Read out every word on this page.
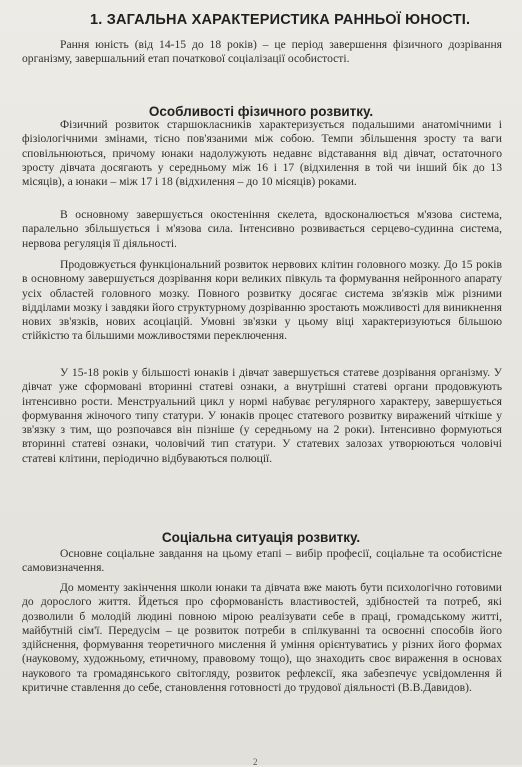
1. ЗАГАЛЬНА ХАРАКТЕРИСТИКА РАННЬОЇ ЮНОСТІ.
Рання юність (від 14-15 до 18 років) – це період завершення фізичного дозрівання організму, завершальний етап початкової соціалізації особистості.
Особливості фізичного розвитку.
Фізичний розвиток старшокласників характеризується подальшими анатомічними і фізіологічними змінами, тісно пов'язаними між собою. Темпи збільшення зросту та ваги сповільнюються, причому юнаки надолужують недавнє відставання від дівчат, остаточного зросту дівчата досягають у середньому між 16 і 17 (відхилення в той чи інший бік до 13 місяців), а юнаки – між 17 і 18 (відхилення – до 10 місяців) роками.
В основному завершується окостеніння скелета, вдосконалюється м'язова система, паралельно збільшується і м'язова сила. Інтенсивно розвивається серцево-судинна система, нервова регуляція її діяльності.
Продовжується функціональний розвиток нервових клітин головного мозку. До 15 років в основному завершується дозрівання кори великих півкуль та формування нейронного апарату усіх областей головного мозку. Повного розвитку досягає система зв'язків між різними відділами мозку і завдяки його структурному дозріванню зростають можливості для виникнення нових зв'язків, нових асоціацій. Умовні зв'язки у цьому віці характеризуються більшою стійкістю та більшими можливостями переключення.
У 15-18 років у більшості юнаків і дівчат завершується статеве дозрівання організму. У дівчат уже сформовані вторинні статеві ознаки, а внутрішні статеві органи продовжують інтенсивно рости. Менструальний цикл у нормі набуває регулярного характеру, завершується формування жіночого типу статури. У юнаків процес статевого розвитку виражений чіткіше у зв'язку з тим, що розпочався він пізніше (у середньому на 2 роки). Інтенсивно формуються вторинні статеві ознаки, чоловічий тип статури. У статевих залозах утворюються чоловічі статеві клітини, періодично відбуваються полюції.
Соціальна ситуація розвитку.
Основне соціальне завдання на цьому етапі – вибір професії, соціальне та особистісне самовизначення.
До моменту закінчення школи юнаки та дівчата вже мають бути психологічно готовими до дорослого життя. Йдеться про сформованість властивостей, здібностей та потреб, які дозволили б молодій людині повною мірою реалізувати себе в праці, громадському житті, майбутній сім'ї. Передусім – це розвиток потреби в спілкуванні та освоєнні способів його здійснення, формування теоретичного мислення й уміння орієнтуватись у різних його формах (науковому, художньому, етичному, правовому тощо), що знаходить своє вираження в основах наукового та громадянського світогляду, розвиток рефлексії, яка забезпечує усвідомлення й критичне ставлення до себе, становлення готовності до трудової діяльності (В.В.Давидов).
2
